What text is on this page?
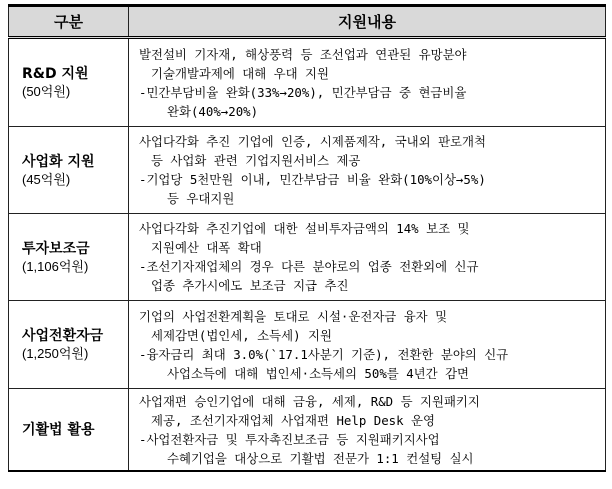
구분	지원내용

R&D 지원
(50억원)	발전설비 기자재, 해상풍력 등 조선업과 연관된 유망분야
기술개발과제에 대해 우대 지원
-민간부담비율 완화(33%→20%), 민간부담금 중 현금비율
완화(40%→20%)

사업화 지원
(45억원)	사업다각화 추진 기업에 인증, 시제품제작, 국내외 판로개척
등 사업화 관련 기업지원서비스 제공
-기업당 5천만원 이내, 민간부담금 비율 완화(10%이상→5%)
등 우대지원

투자보조금
(1,106억원)	사업다각화 추진기업에 대한 설비투자금액의 14% 보조 및
지원예산 대폭 확대
-조선기자재업체의 경우 다른 분야로의 업종 전환외에 신규
업종 추가시에도 보조금 지급 추진

사업전환자금
(1,250억원)	기업의 사업전환계획을 토대로 시설·운전자금 융자 및
세제감면(법인세, 소득세) 지원
-융자금리 최대 3.0%(`17.1사분기 기준), 전환한 분야의 신규
사업소득에 대해 법인세·소득세의 50%를 4년간 감면

기활법 활용	사업재편 승인기업에 대해 금융, 세제, R&D 등 지원패키지
제공, 조선기자재업체 사업재편 Help Desk 운영
-사업전환자금 및 투자촉진보조금 등 지원패키지사업
수혜기업을 대상으로 기활법 전문가 1:1 컨설팅 실시
